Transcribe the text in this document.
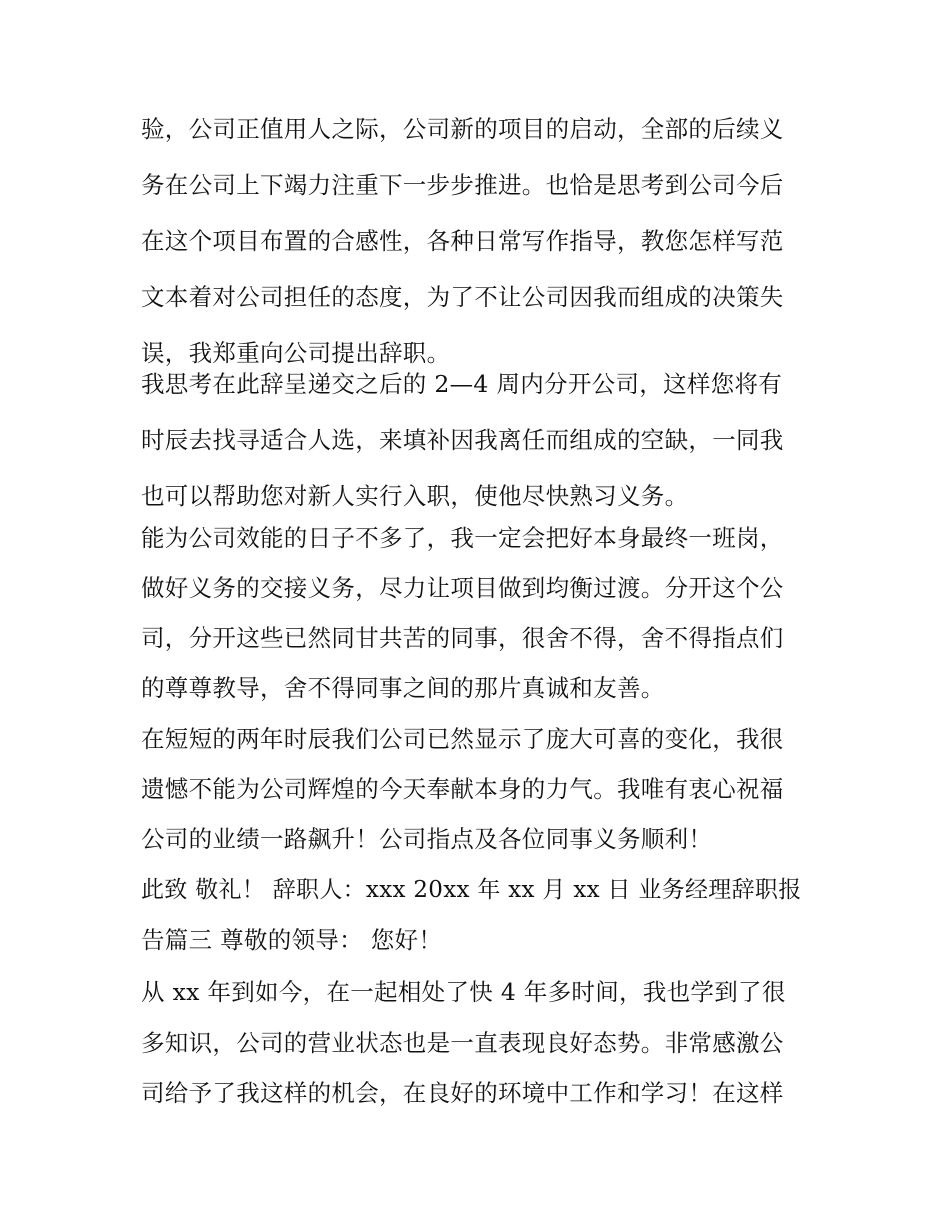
验，公司正值用人之际，公司新的项目的启动，全部的后续义
务在公司上下竭力注重下一步步推进。也恰是思考到公司今后
在这个项目布置的合感性，各种日常写作指导，教您怎样写范
文本着对公司担任的态度，为了不让公司因我而组成的决策失
误，我郑重向公司提出辞职。
我思考在此辞呈递交之后的 2—4 周内分开公司，这样您将有
时辰去找寻适合人选，来填补因我离任而组成的空缺，一同我
也可以帮助您对新人实行入职，使他尽快熟习义务。
能为公司效能的日子不多了，我一定会把好本身最终一班岗，
做好义务的交接义务，尽力让项目做到均衡过渡。分开这个公
司，分开这些已然同甘共苦的同事，很舍不得，舍不得指点们
的尊尊教导，舍不得同事之间的那片真诚和友善。
在短短的两年时辰我们公司已然显示了庞大可喜的变化，我很
遗憾不能为公司辉煌的今天奉献本身的力气。我唯有衷心祝福
公司的业绩一路飙升！公司指点及各位同事义务顺利！
此致 敬礼！ 辞职人：xxx 20xx 年 xx 月 xx 日 业务经理辞职报
告篇三 尊敬的领导： 您好！
从 xx 年到如今，在一起相处了快 4 年多时间，我也学到了很
多知识，公司的营业状态也是一直表现良好态势。非常感激公
司给予了我这样的机会，在良好的环境中工作和学习！在这样
